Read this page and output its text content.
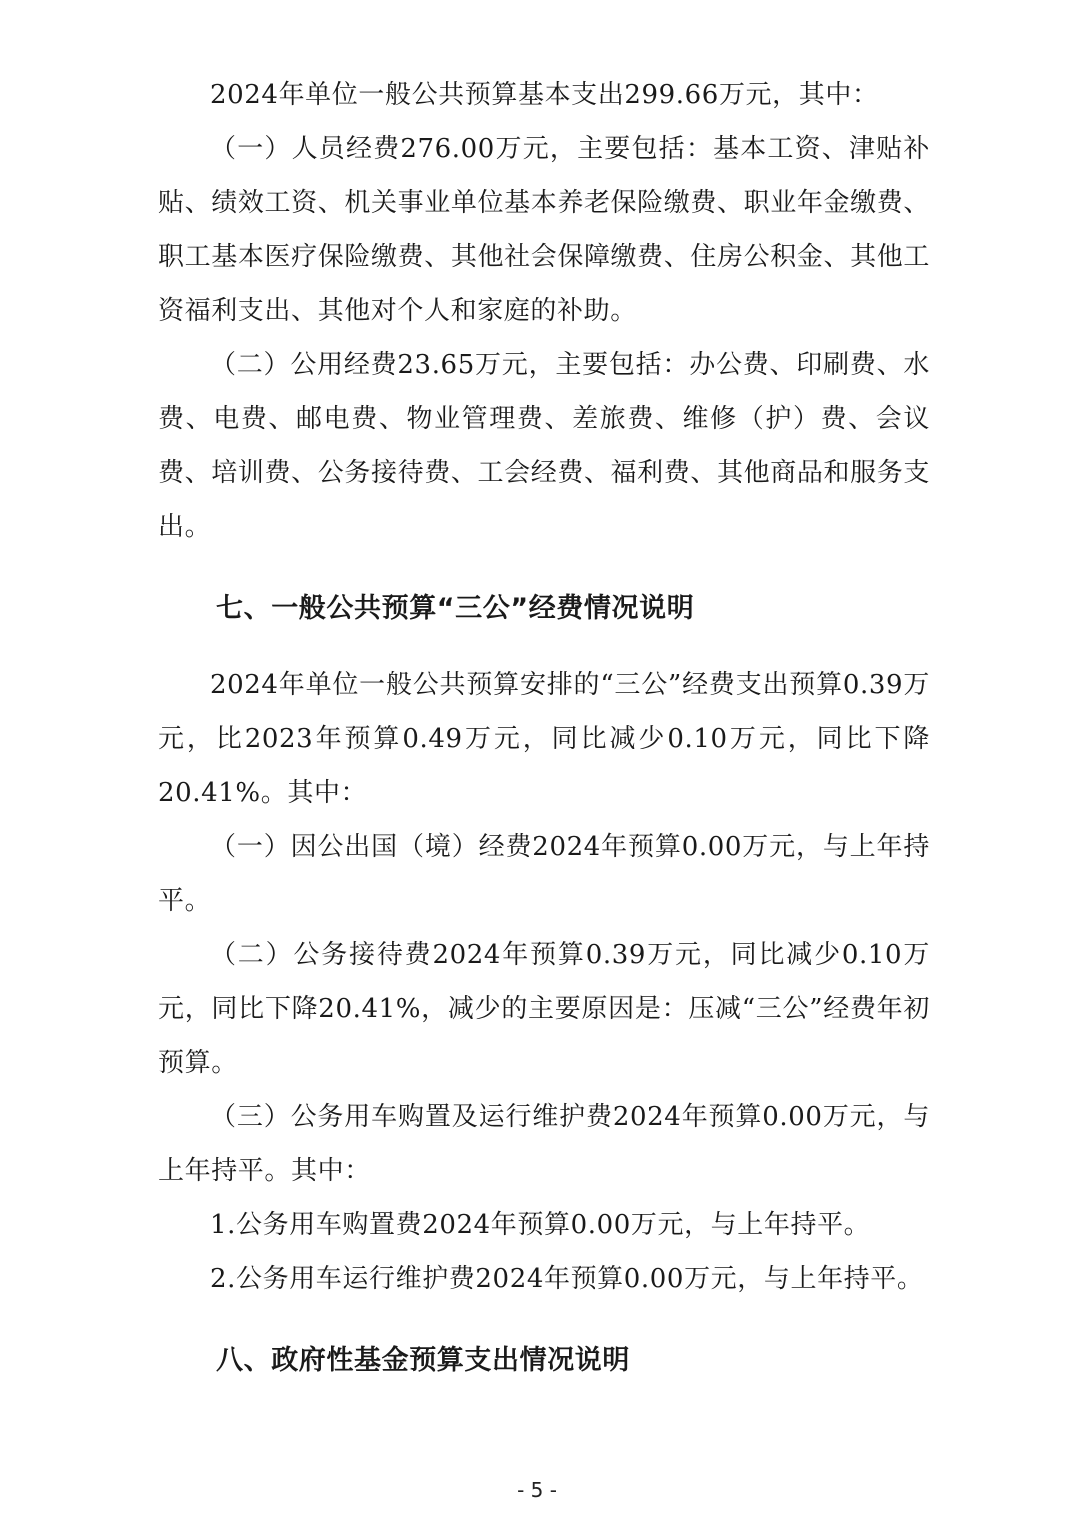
2024年单位一般公共预算基本支出299.66万元，其中：

（一）人员经费276.00万元，主要包括：基本工资、津贴补贴、绩效工资、机关事业单位基本养老保险缴费、职业年金缴费、职工基本医疗保险缴费、其他社会保障缴费、住房公积金、其他工资福利支出、其他对个人和家庭的补助。

（二）公用经费23.65万元，主要包括：办公费、印刷费、水费、电费、邮电费、物业管理费、差旅费、维修（护）费、会议费、培训费、公务接待费、工会经费、福利费、其他商品和服务支出。

七、一般公共预算“三公”经费情况说明

2024年单位一般公共预算安排的“三公”经费支出预算0.39万元，比2023年预算0.49万元，同比减少0.10万元，同比下降20.41%。其中：

（一）因公出国（境）经费2024年预算0.00万元，与上年持平。

（二）公务接待费2024年预算0.39万元，同比减少0.10万元，同比下降20.41%，减少的主要原因是：压减“三公”经费年初预算。

（三）公务用车购置及运行维护费2024年预算0.00万元，与上年持平。其中：

1.公务用车购置费2024年预算0.00万元，与上年持平。

2.公务用车运行维护费2024年预算0.00万元，与上年持平。

八、政府性基金预算支出情况说明
- 5 -
